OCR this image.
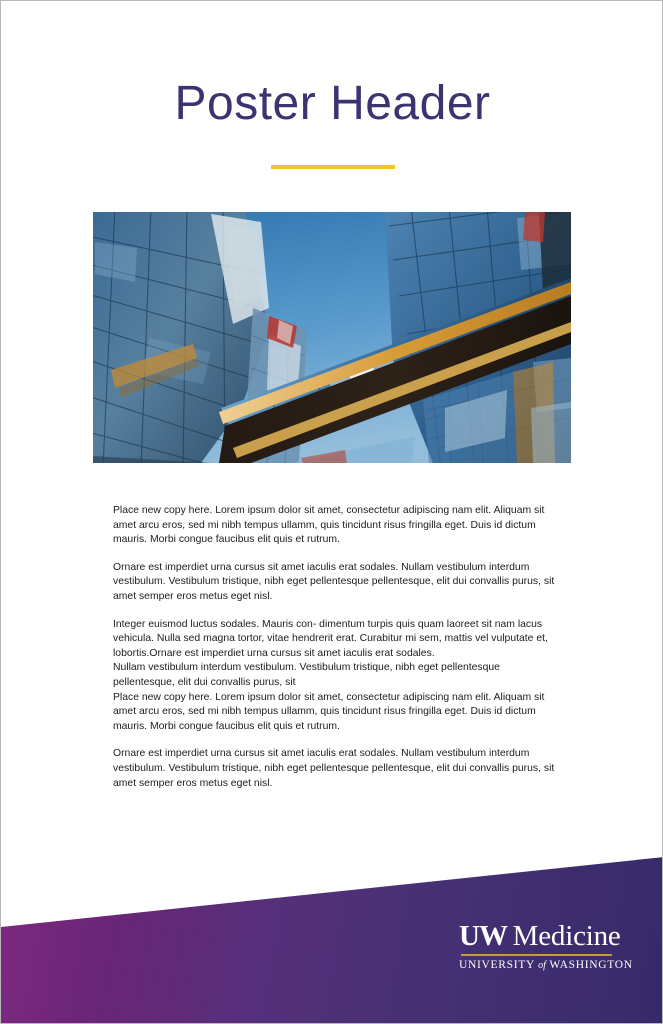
Poster Header

Place new copy here. Lorem ipsum dolor sit amet, consectetur adipiscing nam elit. Aliquam sit amet arcu eros, sed mi nibh tempus ullamm, quis tincidunt risus fringilla eget. Duis id dictum mauris. Morbi congue faucibus elit quis et rutrum.

Ornare est imperdiet urna cursus sit amet iaculis erat sodales. Nullam vestibulum interdum vestibulum. Vestibulum tristique, nibh eget pellentesque pellentesque, elit dui convallis purus, sit amet semper eros metus eget nisl.

Integer euismod luctus sodales. Mauris con- dimentum turpis quis quam laoreet sit nam lacus vehicula. Nulla sed magna tortor, vitae hendrerit erat. Curabitur mi sem, mattis vel vulputate et, lobortis.Ornare est imperdiet urna cursus sit amet iaculis erat sodales.

Nullam vestibulum interdum vestibulum. Vestibulum tristique, nibh eget pellentesque pellentesque, elit dui convallis purus, sit

Place new copy here. Lorem ipsum dolor sit amet, consectetur adipiscing nam elit. Aliquam sit amet arcu eros, sed mi nibh tempus ullamm, quis tincidunt risus fringilla eget. Duis id dictum mauris. Morbi congue faucibus elit quis et rutrum.

Ornare est imperdiet urna cursus sit amet iaculis erat sodales. Nullam vestibulum interdum vestibulum. Vestibulum tristique, nibh eget pellentesque pellentesque, elit dui convallis purus, sit amet semper eros metus eget nisl.

UW Medicine
UNIVERSITY of WASHINGTON
